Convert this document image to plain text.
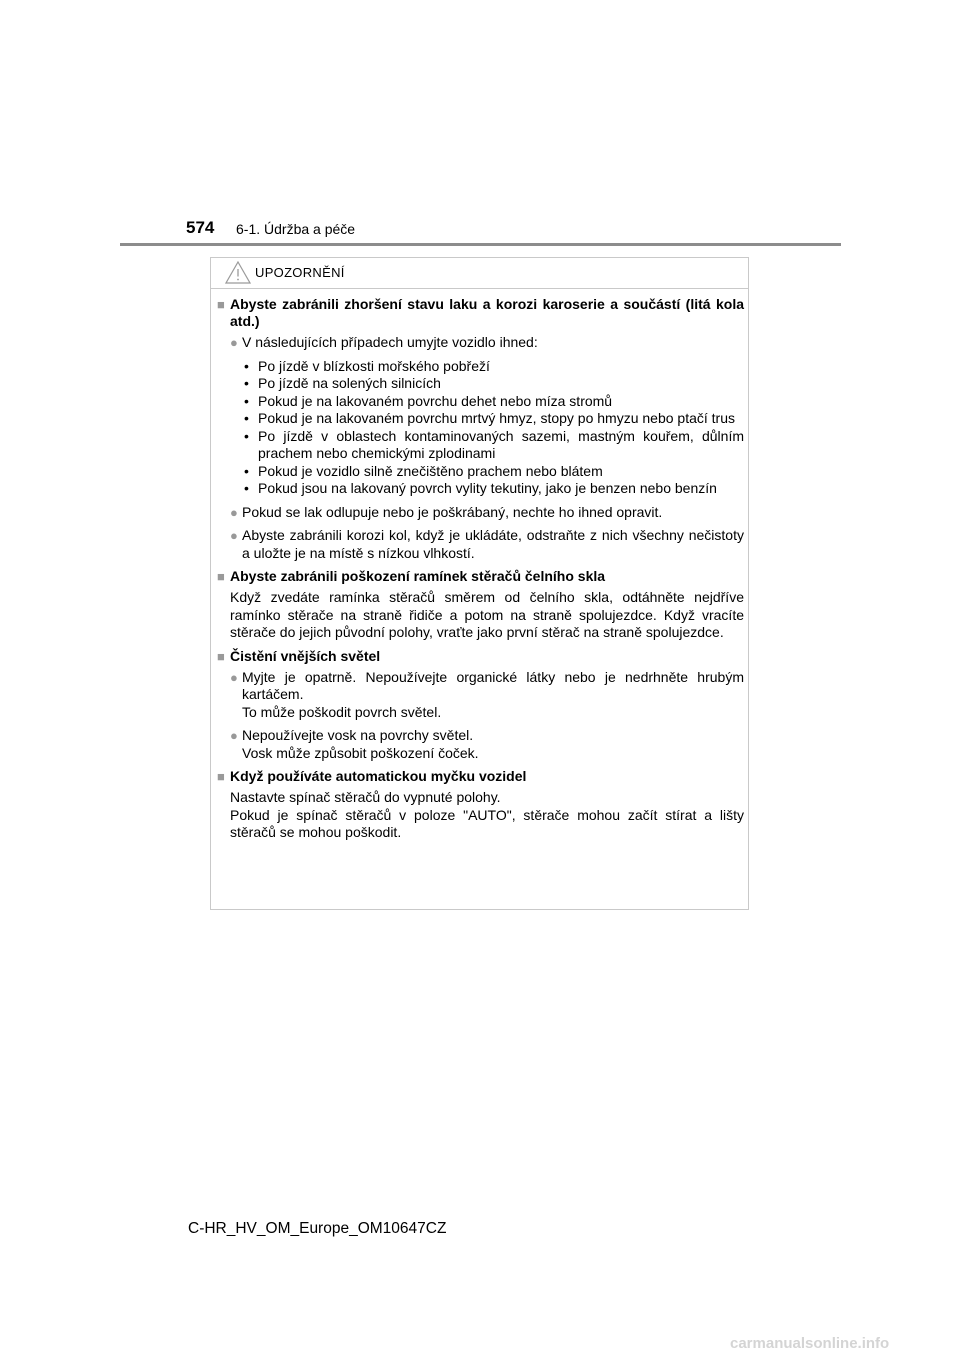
574 6-1. Údržba a péče
UPOZORNĚNÍ
■ Abyste zabránili zhoršení stavu laku a korozi karoserie a součástí (litá kola atd.)
● V následujících případech umyjte vozidlo ihned:
• Po jízdě v blízkosti mořského pobřeží
• Po jízdě na solených silnicích
• Pokud je na lakovaném povrchu dehet nebo míza stromů
• Pokud je na lakovaném povrchu mrtvý hmyz, stopy po hmyzu nebo ptačí trus
• Po jízdě v oblastech kontaminovaných sazemi, mastným kouřem, důlním prachem nebo chemickými zplodinami
• Pokud je vozidlo silně znečištěno prachem nebo blátem
• Pokud jsou na lakovaný povrch vylity tekutiny, jako je benzen nebo benzín
● Pokud se lak odlupuje nebo je poškrábaný, nechte ho ihned opravit.
● Abyste zabránili korozi kol, když je ukládáte, odstraňte z nich všechny nečistoty a uložte je na místě s nízkou vlhkostí.
■ Abyste zabránili poškození ramínek stěračů čelního skla
Když zvedáte ramínka stěračů směrem od čelního skla, odtáhněte nejdříve ramínko stěrače na straně řidiče a potom na straně spolujezdce. Když vracíte stěrače do jejich původní polohy, vraťte jako první stěrač na straně spolujezdce.
■ Čistění vnějších světel
● Myjte je opatrně. Nepoužívejte organické látky nebo je nedrhněte hrubým kartáčem.
To může poškodit povrch světel.
● Nepoužívejte vosk na povrchy světel.
Vosk může způsobit poškození čoček.
■ Když používáte automatickou myčku vozidel
Nastavte spínač stěračů do vypnuté polohy.
Pokud je spínač stěračů v poloze "AUTO", stěrače mohou začít stírat a lišty stěračů se mohou poškodit.
C-HR_HV_OM_Europe_OM10647CZ
carmanualsonline.info
